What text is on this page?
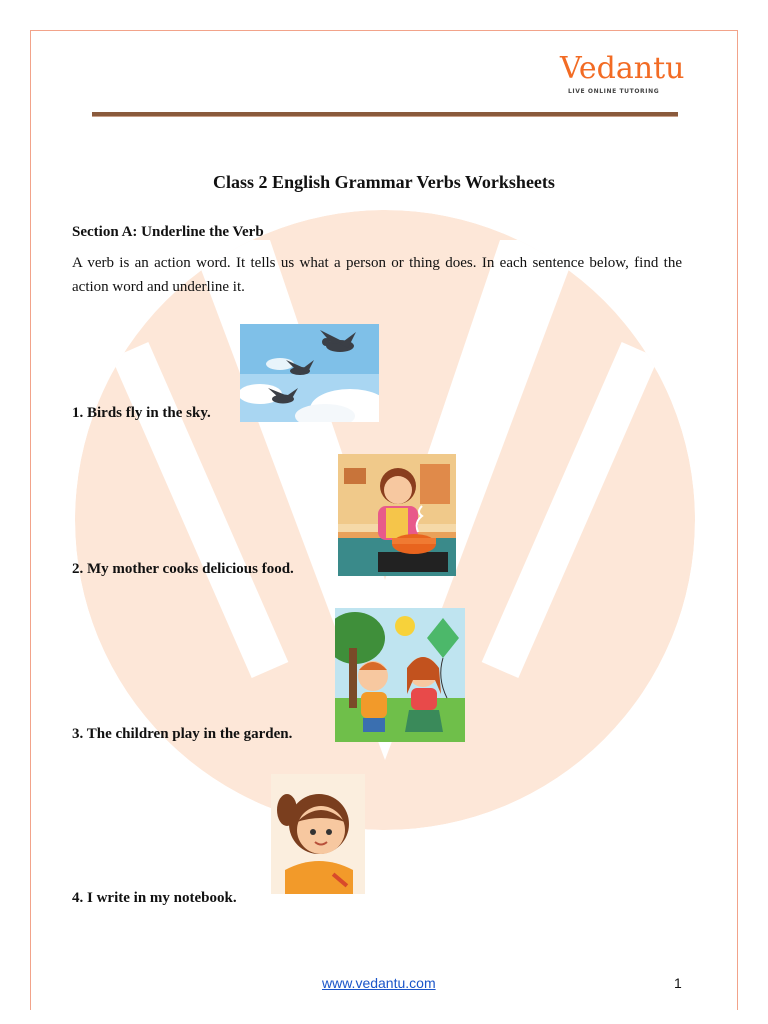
Vedantu
LIVE ONLINE TUTORING
Class 2 English Grammar Verbs Worksheets
Section A: Underline the Verb
A verb is an action word. It tells us what a person or thing does. In each sentence below, find the action word and underline it.
1. Birds fly in the sky.
2. My mother cooks delicious food.
3. The children play in the garden.
4. I write in my notebook.
www.vedantu.com	1
